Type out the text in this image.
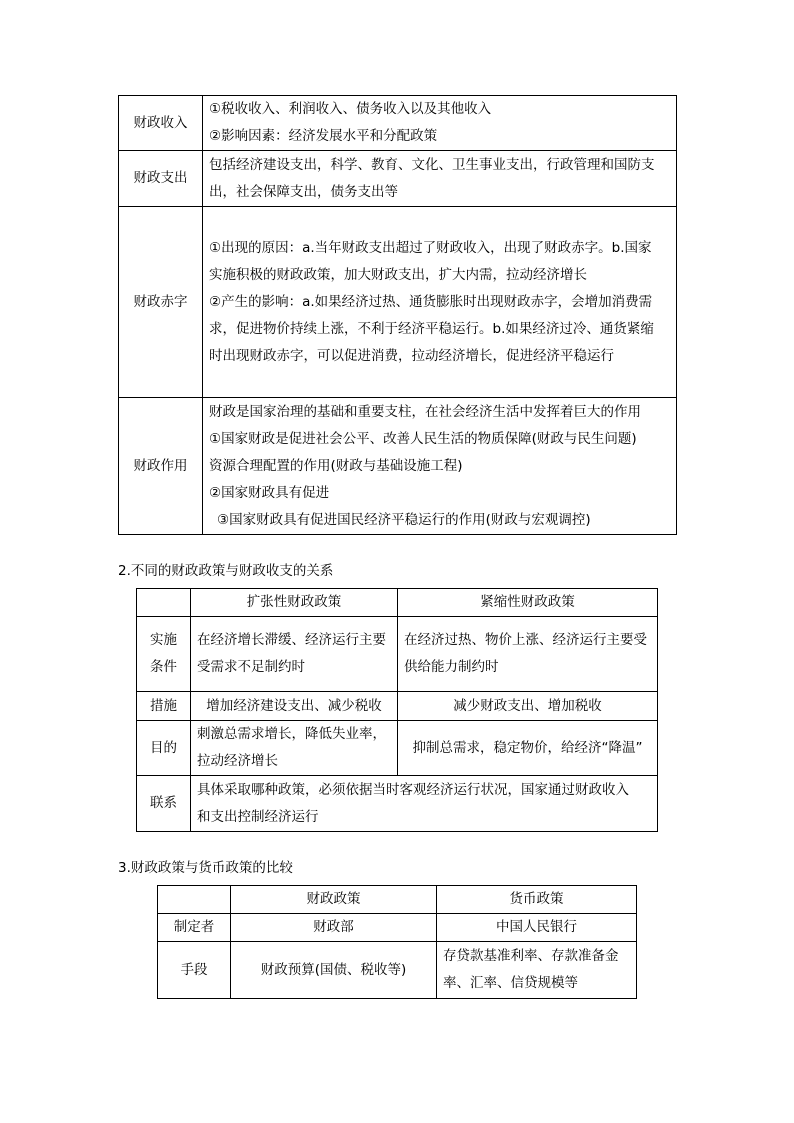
财政收入	①税收收入、利润收入、债务收入以及其他收入
②影响因素：经济发展水平和分配政策

财政支出	包括经济建设支出，科学、教育、文化、卫生事业支出，行政管理和国防支
出，社会保障支出，债务支出等

财政赤字	①出现的原因：a.当年财政支出超过了财政收入，出现了财政赤字。b.国家
实施积极的财政政策，加大财政支出，扩大内需，拉动经济增长
②产生的影响：a.如果经济过热、通货膨胀时出现财政赤字，会增加消费需
求，促进物价持续上涨，不利于经济平稳运行。b.如果经济过冷、通货紧缩
时出现财政赤字，可以促进消费，拉动经济增长，促进经济平稳运行

财政作用	财政是国家治理的基础和重要支柱，在社会经济生活中发挥着巨大的作用
①国家财政是促进社会公平、改善人民生活的物质保障(财政与民生问题)
资源合理配置的作用(财政与基础设施工程)
②国家财政具有促进
③国家财政具有促进国民经济平稳运行的作用(财政与宏观调控)
2.不同的财政政策与财政收支的关系
	扩张性财政政策	紧缩性财政政策

实施
条件	在经济增长滞缓、经济运行主要
受需求不足制约时	在经济过热、物价上涨、经济运行主要受
供给能力制约时

措施	增加经济建设支出、减少税收	减少财政支出、增加税收
目的	刺激总需求增长，降低失业率，
拉动经济增长	抑制总需求，稳定物价，给经济“降温”
联系	具体采取哪种政策，必须依据当时客观经济运行状况，国家通过财政收入
和支出控制经济运行	
3.财政政策与货币政策的比较
	财政政策	货币政策
制定者	财政部	中国人民银行
手段	财政预算(国债、税收等)	存贷款基准利率、存款准备金
率、汇率、信贷规模等
